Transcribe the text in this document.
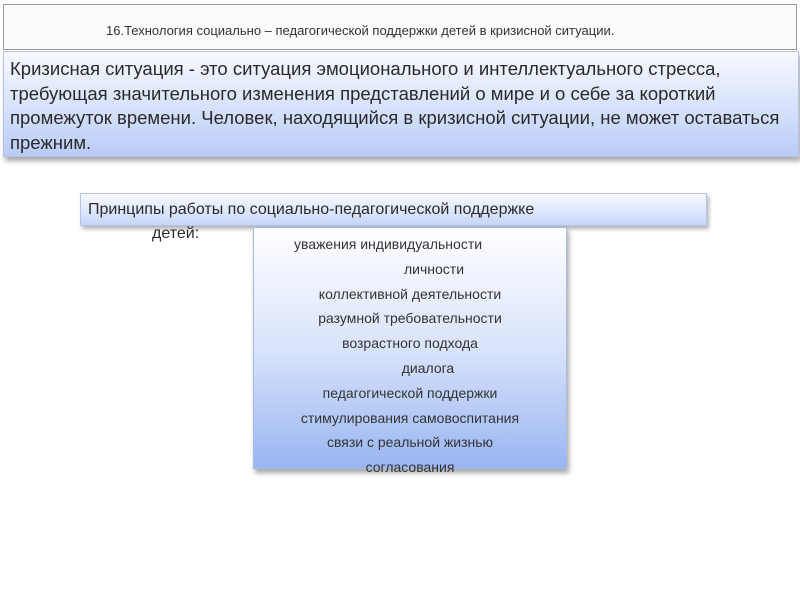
16.Технология социально – педагогической поддержки детей в кризисной ситуации.
Кризисная ситуация - это ситуация эмоционального и интеллектуального стресса, требующая значительного изменения представлений о мире и о себе за короткий промежуток времени. Человек, находящийся в кризисной ситуации, не может оставаться прежним.
Принципы работы по социально-педагогической поддержке
детей:
уважения индивидуальности
личности
коллективной деятельности
разумной требовательности
возрастного подхода
диалога
педагогической поддержки
стимулирования самовоспитания
связи с реальной жизнью
согласования
